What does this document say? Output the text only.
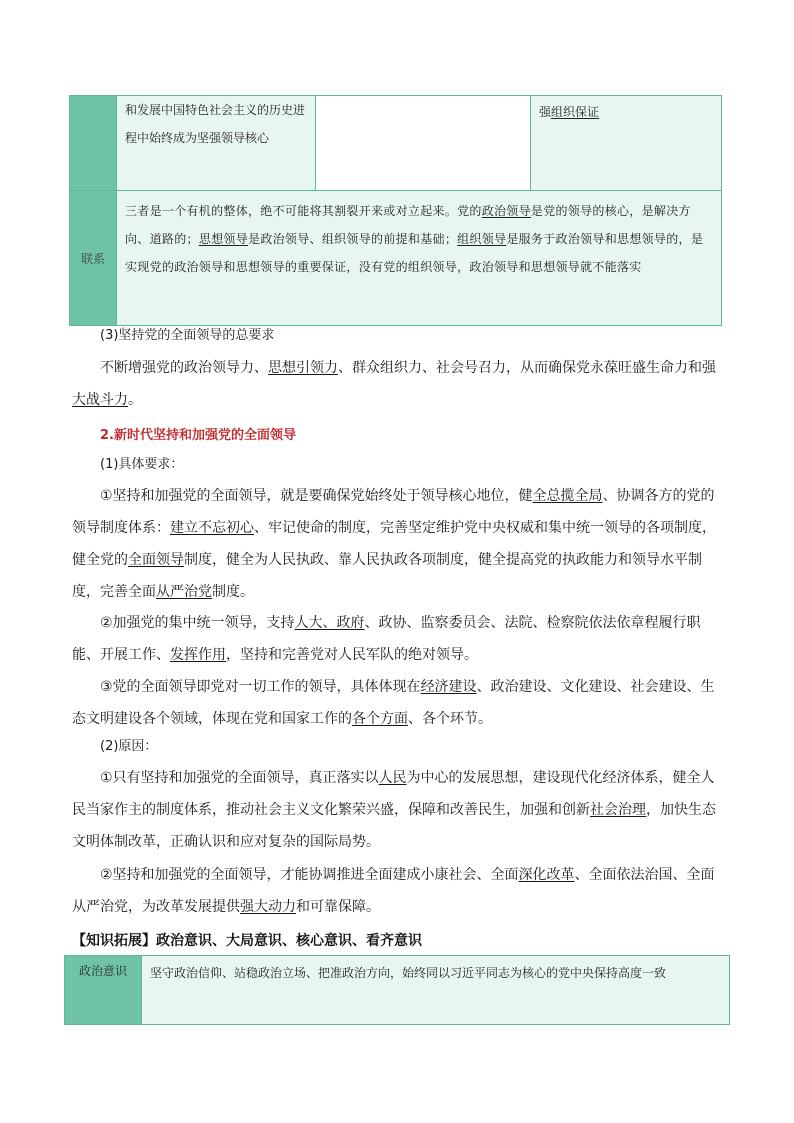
	和发展中国特色社会主义的历史进程中始终成为坚强领导核心		强组织保证
联系	三者是一个有机的整体，绝不可能将其割裂开来或对立起来。党的政治领导是党的领导的核心，是解决方向、道路的；思想领导是政治领导、组织领导的前提和基础；组织领导是服务于政治领导和思想领导的，是实现党的政治领导和思想领导的重要保证，没有党的组织领导，政治领导和思想领导就不能落实		
(3)坚持党的全面领导的总要求

不断增强党的政治领导力、思想引领力、群众组织力、社会号召力，从而确保党永葆旺盛生命力和强大战斗力。

2.新时代坚持和加强党的全面领导
(1)具体要求：

①坚持和加强党的全面领导，就是要确保党始终处于领导核心地位，健全总揽全局、协调各方的党的领导制度体系：建立不忘初心、牢记使命的制度，完善坚定维护党中央权威和集中统一领导的各项制度，健全党的全面领导制度，健全为人民执政、靠人民执政各项制度，健全提高党的执政能力和领导水平制度，完善全面从严治党制度。

②加强党的集中统一领导，支持人大、政府、政协、监察委员会、法院、检察院依法依章程履行职能、开展工作、发挥作用，坚持和完善党对人民军队的绝对领导。

③党的全面领导即党对一切工作的领导，具体体现在经济建设、政治建设、文化建设、社会建设、生态文明建设各个领域，体现在党和国家工作的各个方面、各个环节。

(2)原因：

①只有坚持和加强党的全面领导，真正落实以人民为中心的发展思想，建设现代化经济体系，健全人民当家作主的制度体系，推动社会主义文化繁荣兴盛，保障和改善民生，加强和创新社会治理，加快生态文明体制改革，正确认识和应对复杂的国际局势。

②坚持和加强党的全面领导，才能协调推进全面建成小康社会、全面深化改革、全面依法治国、全面从严治党，为改革发展提供强大动力和可靠保障。

【知识拓展】政治意识、大局意识、核心意识、看齐意识
政治意识	坚守政治信仰、站稳政治立场、把准政治方向，始终同以习近平同志为核心的党中央保持高度一致
